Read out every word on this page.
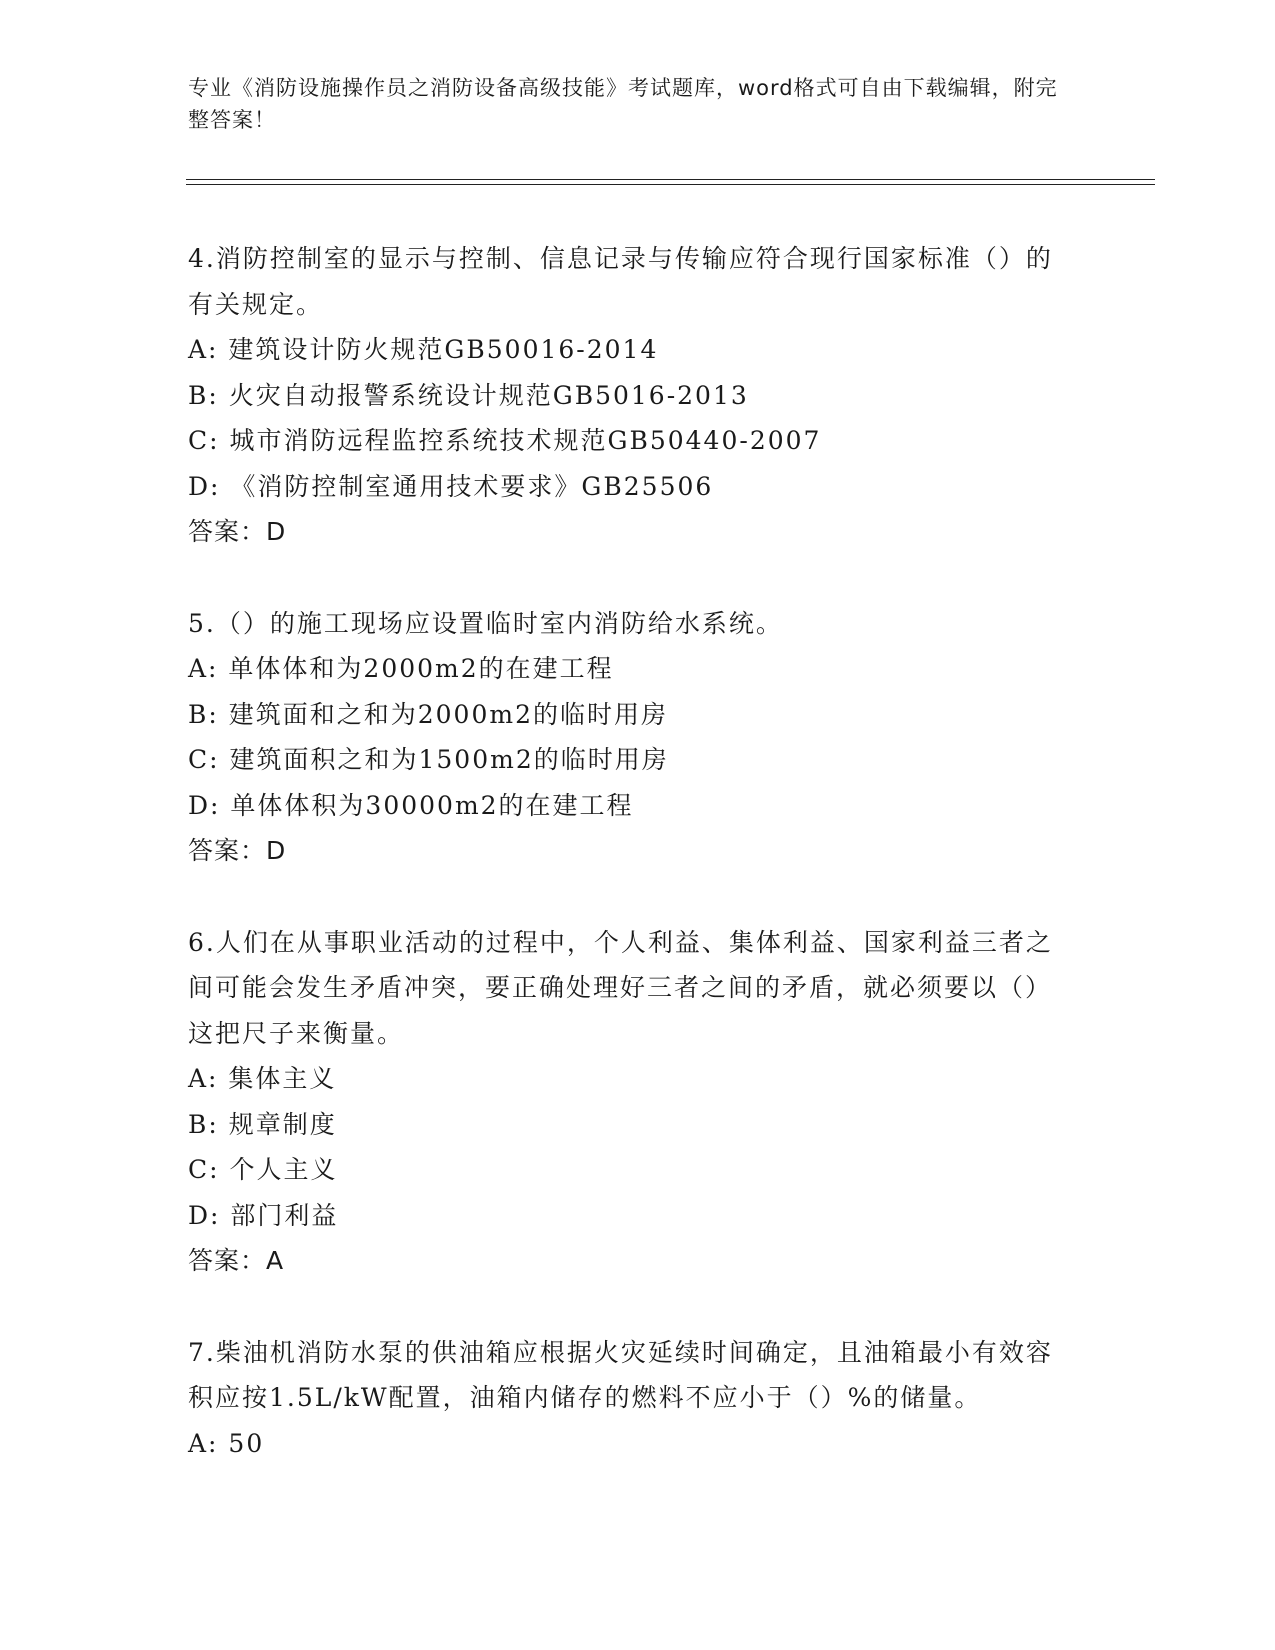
专业《消防设施操作员之消防设备高级技能》考试题库，word格式可自由下载编辑，附完整答案！

4.消防控制室的显示与控制、信息记录与传输应符合现行国家标准（）的有关规定。

A: 建筑设计防火规范GB50016-2014

B: 火灾自动报警系统设计规范GB5016-2013

C: 城市消防远程监控系统技术规范GB50440-2007

D: 《消防控制室通用技术要求》GB25506

答案：D

5.（）的施工现场应设置临时室内消防给水系统。

A: 单体体和为2000m2的在建工程

B: 建筑面和之和为2000m2的临时用房

C: 建筑面积之和为1500m2的临时用房

D: 单体体积为30000m2的在建工程

答案：D

6.人们在从事职业活动的过程中，个人利益、集体利益、国家利益三者之间可能会发生矛盾冲突，要正确处理好三者之间的矛盾，就必须要以（）这把尺子来衡量。

A: 集体主义

B: 规章制度

C: 个人主义

D: 部门利益

答案：A

7.柴油机消防水泵的供油箱应根据火灾延续时间确定，且油箱最小有效容积应按1.5L/kW配置，油箱内储存的燃料不应小于（）%的储量。

A: 50
